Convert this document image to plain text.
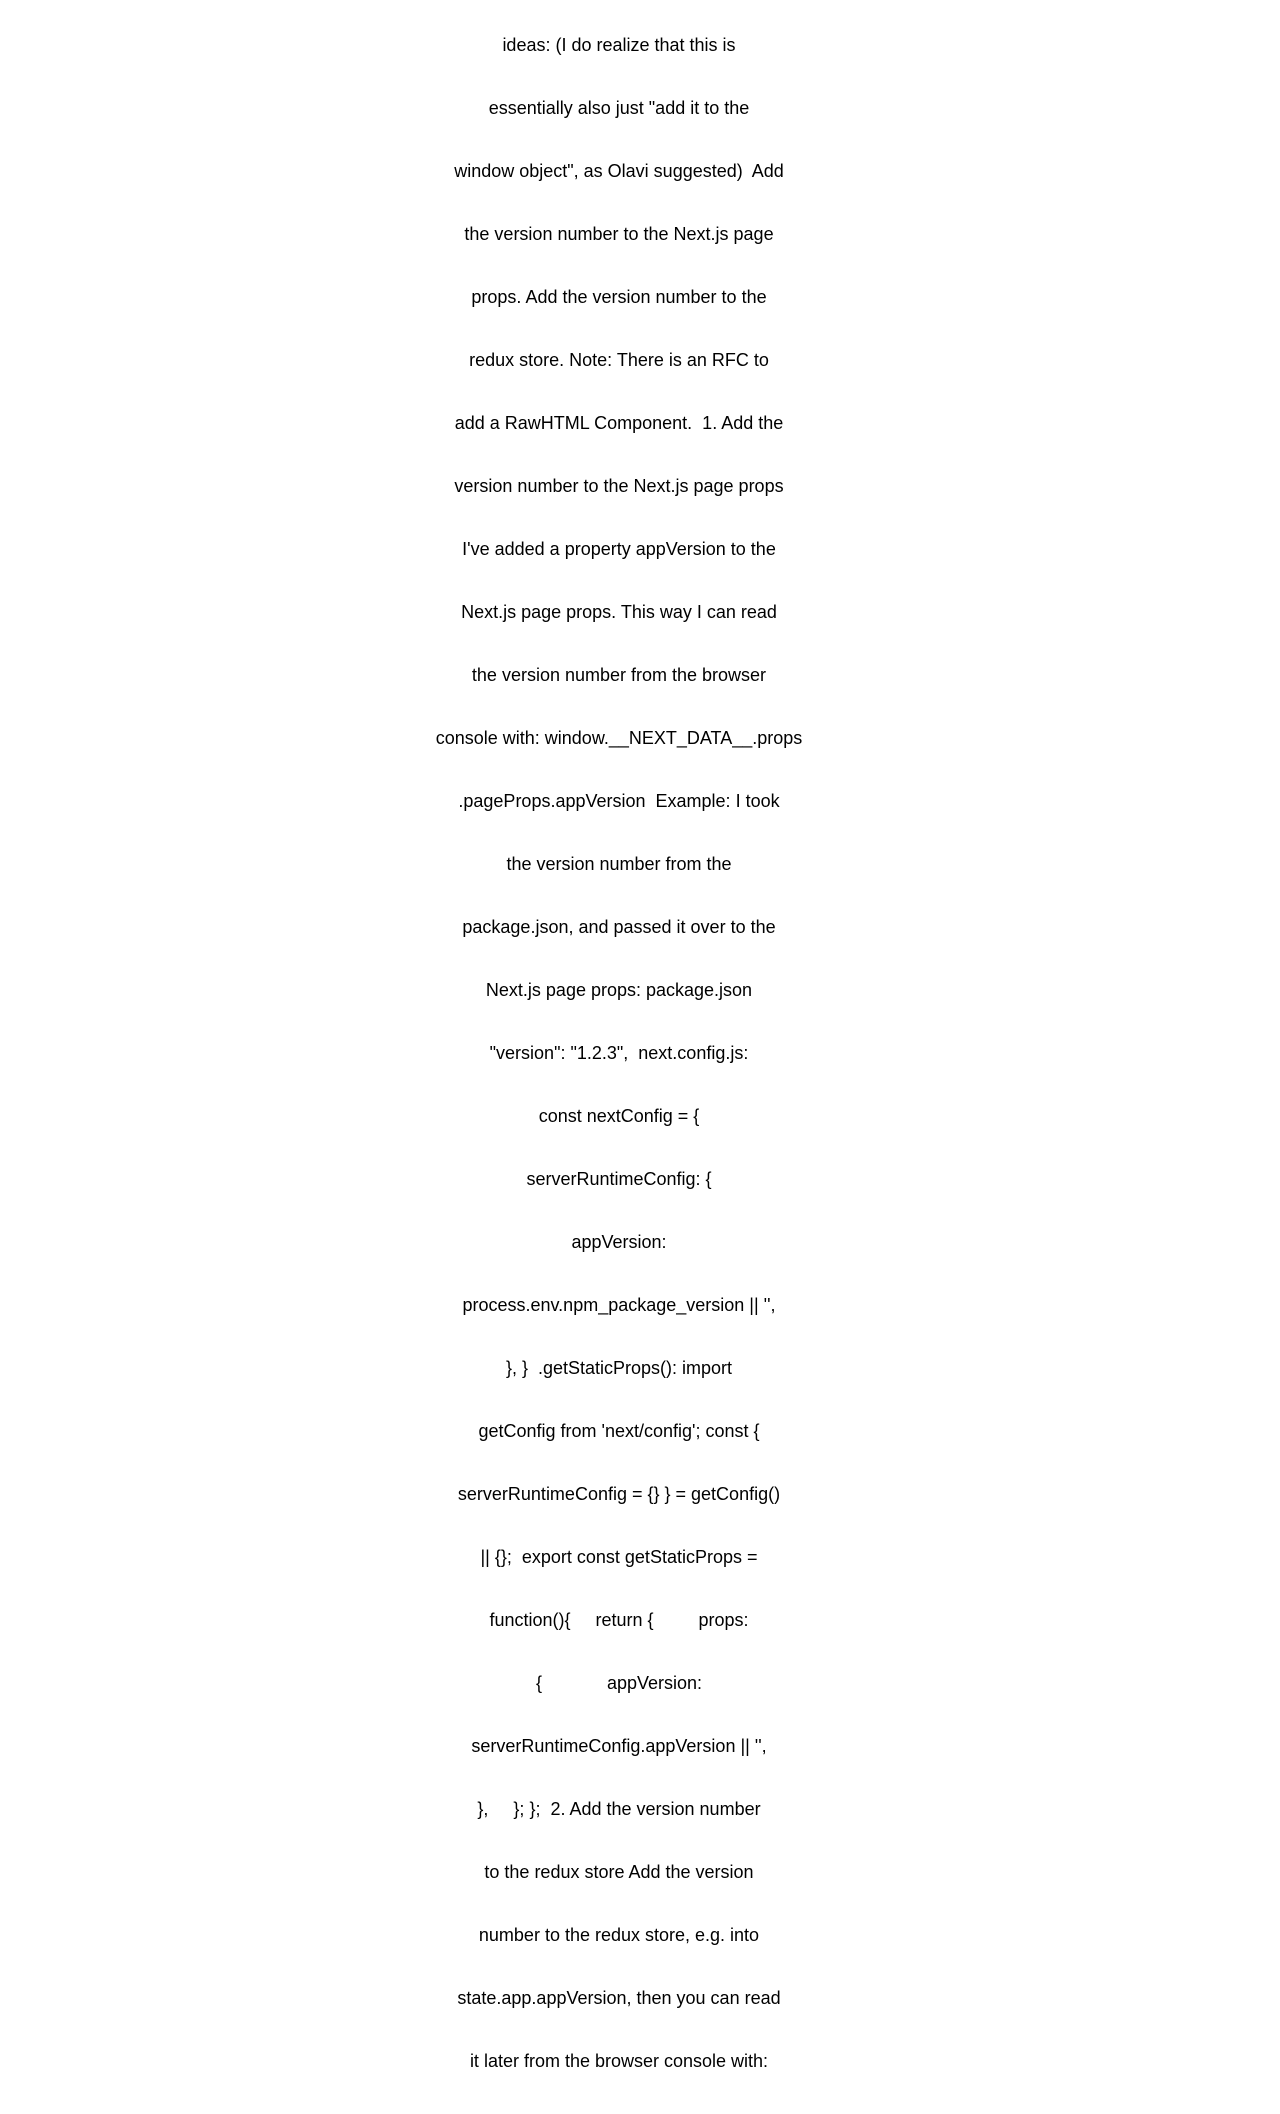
ideas: (I do realize that this is

essentially also just "add it to the

window object", as Olavi suggested)  Add

the version number to the Next.js page

props. Add the version number to the

redux store. Note: There is an RFC to

add a RawHTML Component.  1. Add the

version number to the Next.js page props

I've added a property appVersion to the

Next.js page props. This way I can read

the version number from the browser

console with: window.__NEXT_DATA__.props

.pageProps.appVersion  Example: I took

the version number from the

package.json, and passed it over to the

Next.js page props: package.json

"version": "1.2.3",  next.config.js:

const nextConfig = {

serverRuntimeConfig: {

appVersion:

process.env.npm_package_version || '',

}, }  .getStaticProps(): import

getConfig from 'next/config'; const {

serverRuntimeConfig = {} } = getConfig()

|| {};  export const getStaticProps =

function(){     return {         props:

{             appVersion:

serverRuntimeConfig.appVersion || '',

},     }; };  2. Add the version number

to the redux store Add the version

number to the redux store, e.g. into

state.app.appVersion, then you can read

it later from the browser console with:
